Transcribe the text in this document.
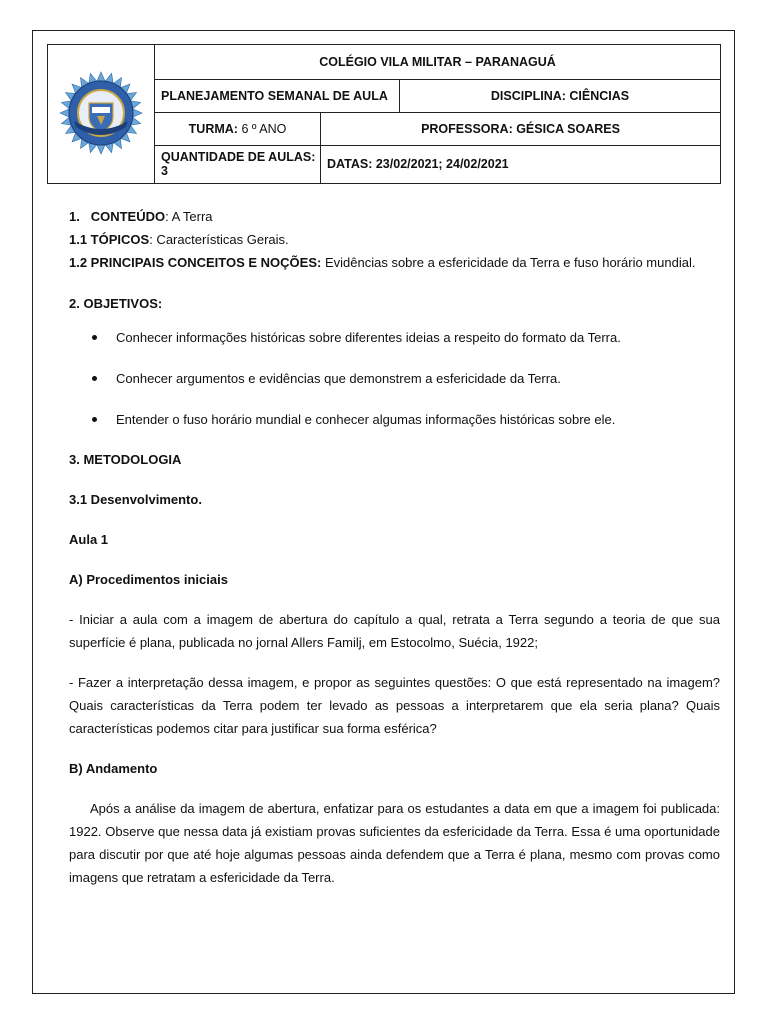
	COLÉGIO VILA MILITAR – PARANAGUÁ		
	PLANEJAMENTO SEMANAL DE AULA		DISCIPLINA: CIÊNCIAS
	TURMA: 6 º ANO	PROFESSORA: GÉSICA SOARES	
	QUANTIDADE DE AULAS: 3	DATAS: 23/02/2021; 24/02/2021	

1. CONTEÚDO: A Terra

1.1 TÓPICOS: Características Gerais.

1.2 PRINCIPAIS CONCEITOS E NOÇÕES: Evidências sobre a esfericidade da Terra e fuso horário mundial.

2. OBJETIVOS:

Conhecer informações históricas sobre diferentes ideias a respeito do formato da Terra.
Conhecer argumentos e evidências que demonstrem a esfericidade da Terra.
Entender o fuso horário mundial e conhecer algumas informações históricas sobre ele.

3. METODOLOGIA

3.1 Desenvolvimento.

Aula 1

A) Procedimentos iniciais

- Iniciar a aula com a imagem de abertura do capítulo a qual, retrata a Terra segundo a teoria de que sua superfície é plana, publicada no jornal Allers Familj, em Estocolmo, Suécia, 1922;

- Fazer a interpretação dessa imagem, e propor as seguintes questões: O que está representado na imagem? Quais características da Terra podem ter levado as pessoas a interpretarem que ela seria plana? Quais características podemos citar para justificar sua forma esférica?

B) Andamento

Após a análise da imagem de abertura, enfatizar para os estudantes a data em que a imagem foi publicada: 1922. Observe que nessa data já existiam provas suficientes da esfericidade da Terra. Essa é uma oportunidade para discutir por que até hoje algumas pessoas ainda defendem que a Terra é plana, mesmo com provas como imagens que retratam a esfericidade da Terra.
